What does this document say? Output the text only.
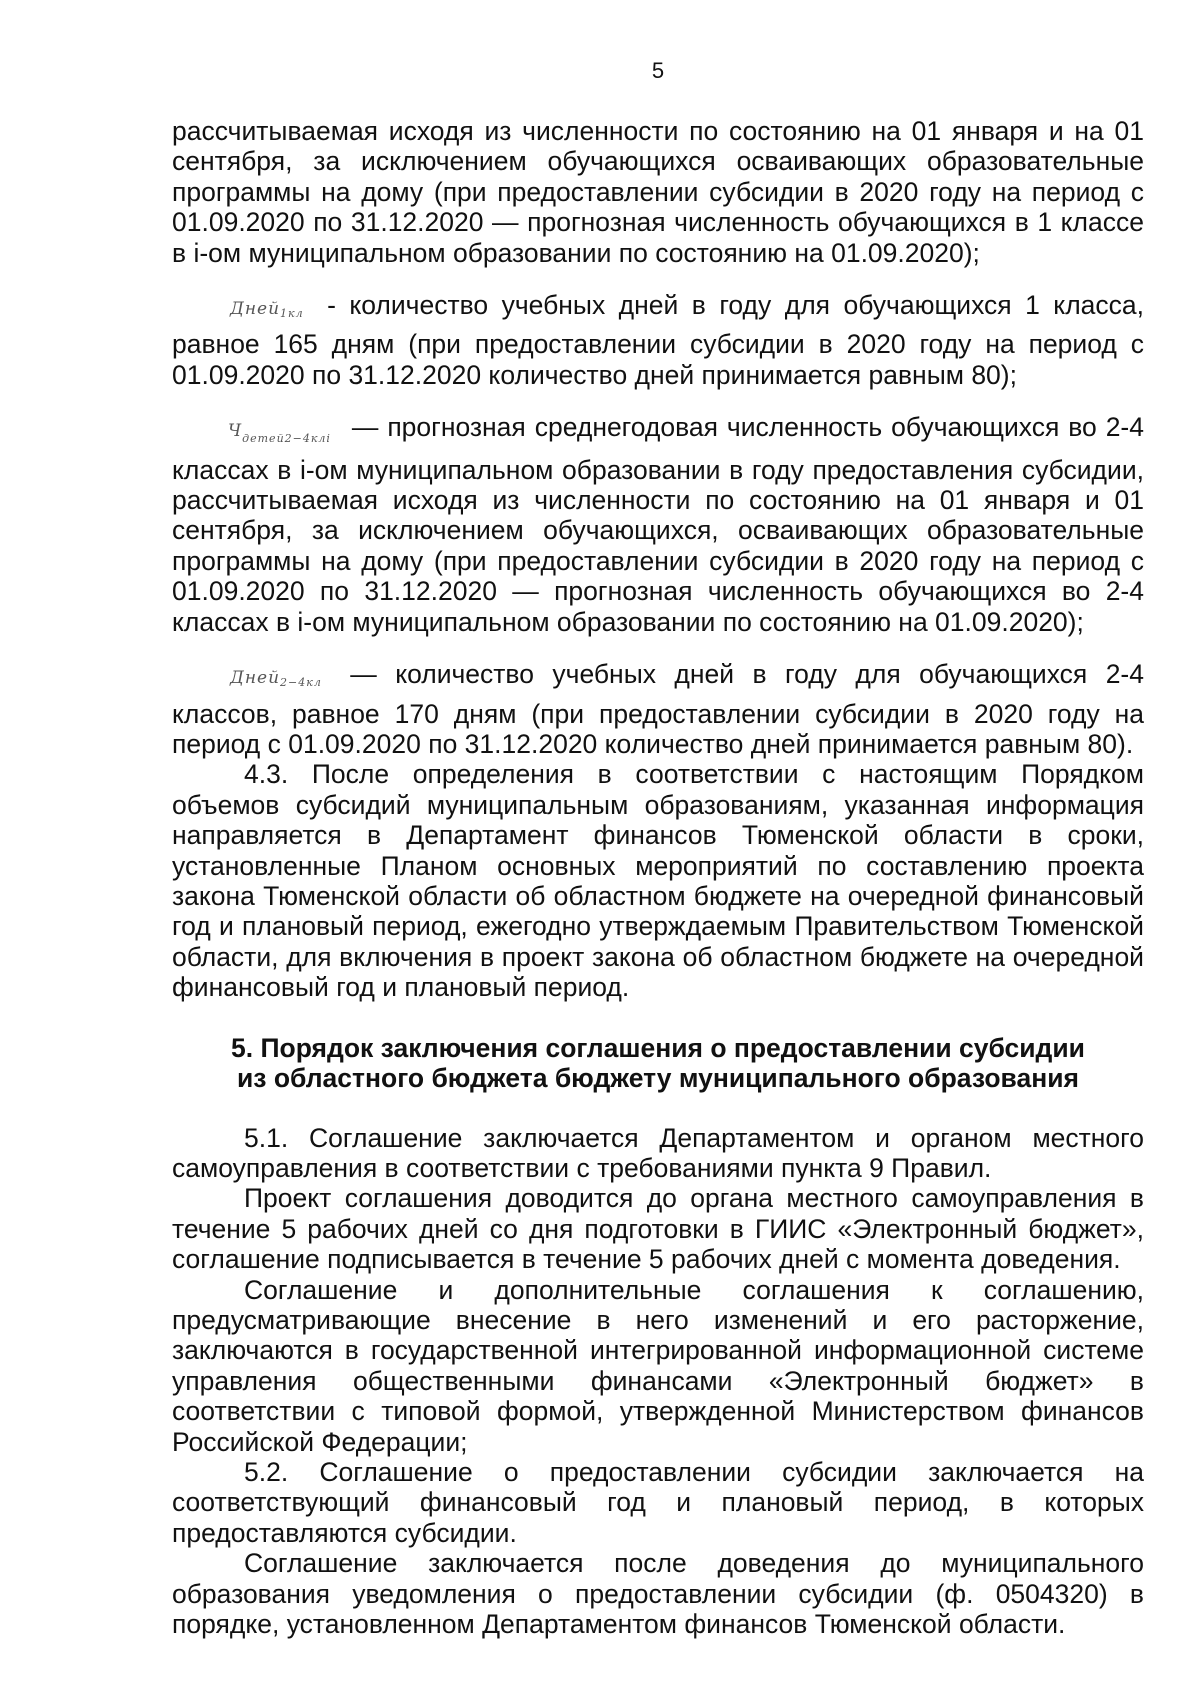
5

рассчитываемая исходя из численности по состоянию на 01 января и на 01 сентября, за исключением обучающихся осваивающих образовательные программы на дому (при предоставлении субсидии в 2020 году на период с 01.09.2020 по 31.12.2020 — прогнозная численность обучающихся в 1 классе в i-ом муниципальном образовании по состоянию на 01.09.2020);

Дней$_{1кл}$ - количество учебных дней в году для обучающихся 1 класса, равное 165 дням (при предоставлении субсидии в 2020 году на период с 01.09.2020 по 31.12.2020 количество дней принимается равным 80);

$Ч_{детей2-4клi}$ — прогнозная среднегодовая численность обучающихся во 2-4 классах в i-ом муниципальном образовании в году предоставления субсидии, рассчитываемая исходя из численности по состоянию на 01 января и 01 сентября, за исключением обучающихся, осваивающих образовательные программы на дому (при предоставлении субсидии в 2020 году на период с 01.09.2020 по 31.12.2020 — прогнозная численность обучающихся во 2-4 классах в i-ом муниципальном образовании по состоянию на 01.09.2020);

Дней$_{2-4кл}$ — количество учебных дней в году для обучающихся 2-4 классов, равное 170 дням (при предоставлении субсидии в 2020 году на период с 01.09.2020 по 31.12.2020 количество дней принимается равным 80).

4.3. После определения в соответствии с настоящим Порядком объемов субсидий муниципальным образованиям, указанная информация направляется в Департамент финансов Тюменской области в сроки, установленные Планом основных мероприятий по составлению проекта закона Тюменской области об областном бюджете на очередной финансовый год и плановый период, ежегодно утверждаемым Правительством Тюменской области, для включения в проект закона об областном бюджете на очередной финансовый год и плановый период.

5. Порядок заключения соглашения о предоставлении субсидии
из областного бюджета бюджету муниципального образования

5.1. Соглашение заключается Департаментом и органом местного самоуправления в соответствии с требованиями пункта 9 Правил.

Проект соглашения доводится до органа местного самоуправления в течение 5 рабочих дней со дня подготовки в ГИИС «Электронный бюджет», соглашение подписывается в течение 5 рабочих дней с момента доведения.

Соглашение и дополнительные соглашения к соглашению, предусматривающие внесение в него изменений и его расторжение, заключаются в государственной интегрированной информационной системе управления общественными финансами «Электронный бюджет» в соответствии с типовой формой, утвержденной Министерством финансов Российской Федерации;

5.2. Соглашение о предоставлении субсидии заключается на соответствующий финансовый год и плановый период, в которых предоставляются субсидии.

Соглашение заключается после доведения до муниципального образования уведомления о предоставлении субсидии (ф. 0504320) в порядке, установленном Департаментом финансов Тюменской области.
